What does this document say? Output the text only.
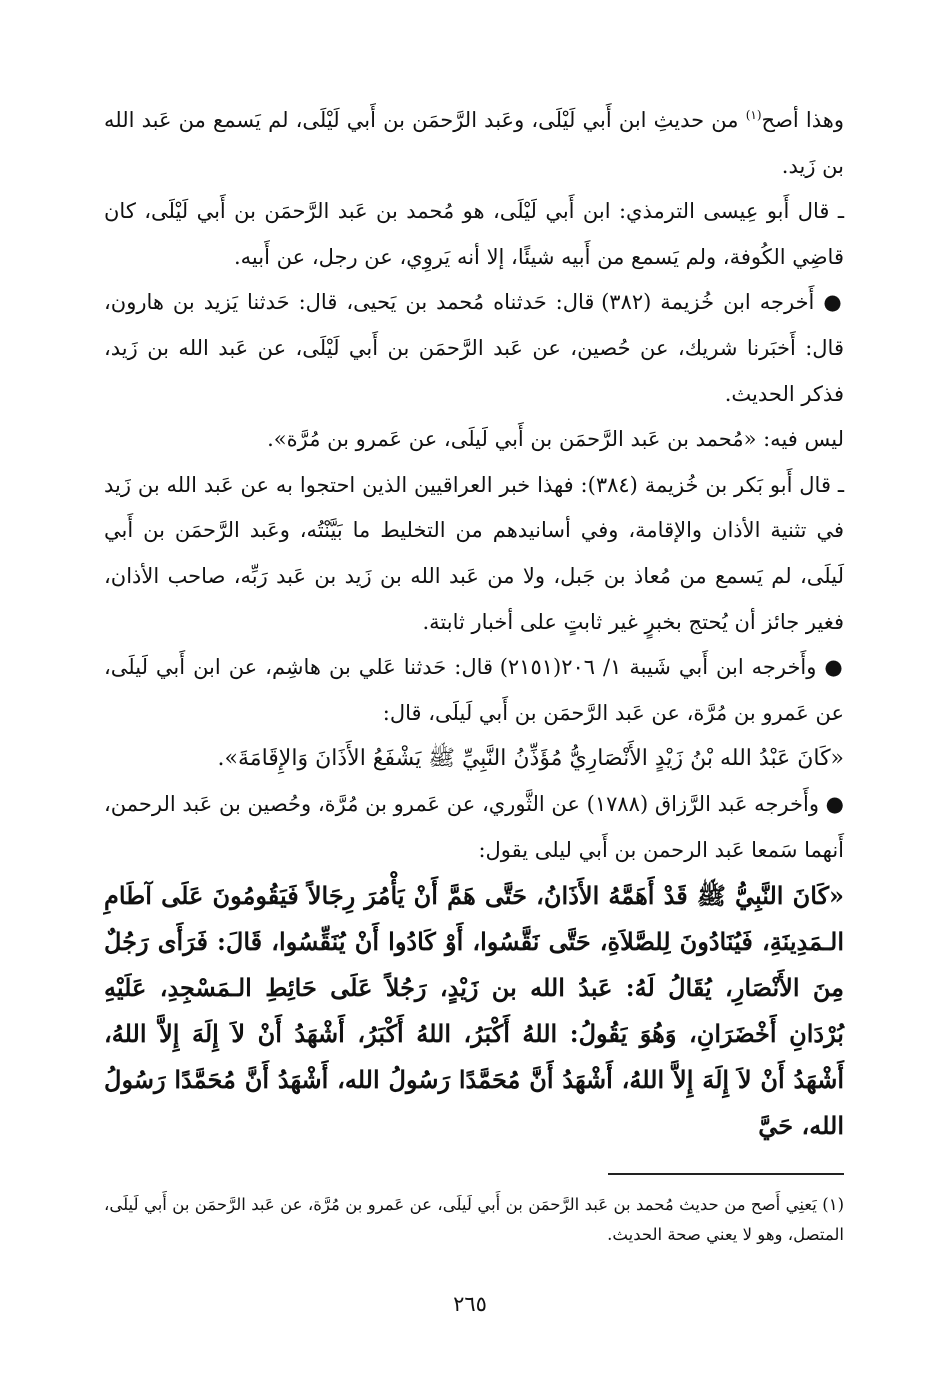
وهذا أصح$^{(١)}$ من حديثِ ابن أَبي لَيْلَى، وعَبد الرَّحمَن بن أَبي لَيْلَى، لم يَسمع من عَبد الله بن زَيد.

ـ قال أَبو عِيسى الترمذي: ابن أَبي لَيْلَى، هو مُحمد بن عَبد الرَّحمَن بن أَبي لَيْلَى، كان قاضِي الكُوفة، ولم يَسمع من أَبيه شيئًا، إلا أنه يَروِي، عن رجل، عن أَبيه.

● أَخرجه ابن خُزيمة (٣٨٢) قال: حَدثناه مُحمد بن يَحيى، قال: حَدثنا يَزيد بن هارون، قال: أَخبَرنا شريك، عن حُصين، عن عَبد الرَّحمَن بن أَبي لَيْلَى، عن عَبد الله بن زَيد، فذكر الحديث.

ليس فيه: «مُحمد بن عَبد الرَّحمَن بن أَبي لَيلَى، عن عَمرو بن مُرَّة».

ـ قال أَبو بَكر بن خُزيمة (٣٨٤): فهذا خبر العراقيين الذين احتجوا به عن عَبد الله بن زَيد في تثنية الأذان والإقامة، وفي أسانيدهم من التخليط ما بَيَّنْتُه، وعَبد الرَّحمَن بن أَبي لَيلَى، لم يَسمع من مُعاذ بن جَبل، ولا من عَبد الله بن زَيد بن عَبد رَبِّه، صاحب الأذان، فغير جائز أن يُحتج بخبرٍ غير ثابتٍ على أخبار ثابتة.

● وأَخرجه ابن أَبي شَيبة ١/ ٢٠٦(٢١٥١) قال: حَدثنا عَلي بن هاشِم، عن ابن أَبي لَيلَى، عن عَمرو بن مُرَّة، عن عَبد الرَّحمَن بن أَبي لَيلَى، قال:

«كَانَ عَبْدُ الله بْنُ زَيْدٍ الأَنْصَارِيُّ مُؤَذِّنُ النَّبِيِّ ﷺ يَشْفَعُ الأَذَانَ وَالإِقَامَةَ».

● وأَخرجه عَبد الرَّزاق (١٧٨٨) عن الثَّوري، عن عَمرو بن مُرَّة، وحُصين بن عَبد الرحمن، أَنهما سَمعا عَبد الرحمن بن أَبي ليلى يقول:

«كَانَ النَّبِيُّ ﷺ قَدْ أَهَمَّهُ الأَذَانُ، حَتَّى هَمَّ أَنْ يَأْمُرَ رِجَالاً فَيَقُومُونَ عَلَى آطَامِ الـمَدِينَةِ، فَيُنَادُونَ لِلصَّلاَةِ، حَتَّى نَقَّسُوا، أَوْ كَادُوا أَنْ يُنَقِّسُوا، قَالَ: فَرَأَى رَجُلٌ مِنَ الأَنْصَارِ، يُقَالُ لَهُ: عَبدُ الله بن زَيْدٍ، رَجُلاً عَلَى حَائِطِ الـمَسْجِدِ، عَلَيْهِ بُرْدَانِ أَخْضَرَانِ، وَهُوَ يَقُولُ: اللهُ أَكْبَرُ، اللهُ أَكْبَرُ، أَشْهَدُ أَنْ لاَ إِلَهَ إِلاَّ اللهُ، أَشْهَدُ أَنْ لاَ إِلَهَ إِلاَّ اللهُ، أَشْهَدُ أَنَّ مُحَمَّدًا رَسُولُ الله، أَشْهَدُ أَنَّ مُحَمَّدًا رَسُولُ الله، حَيَّ

(١) يَعنِي أَصح من حديث مُحمد بن عَبد الرَّحمَن بن أَبي لَيلَى، عن عَمرو بن مُرَّة، عن عَبد الرَّحمَن بن أَبي لَيلَى، المتصل، وهو لا يعني صحة الحديث.

٢٦٥
